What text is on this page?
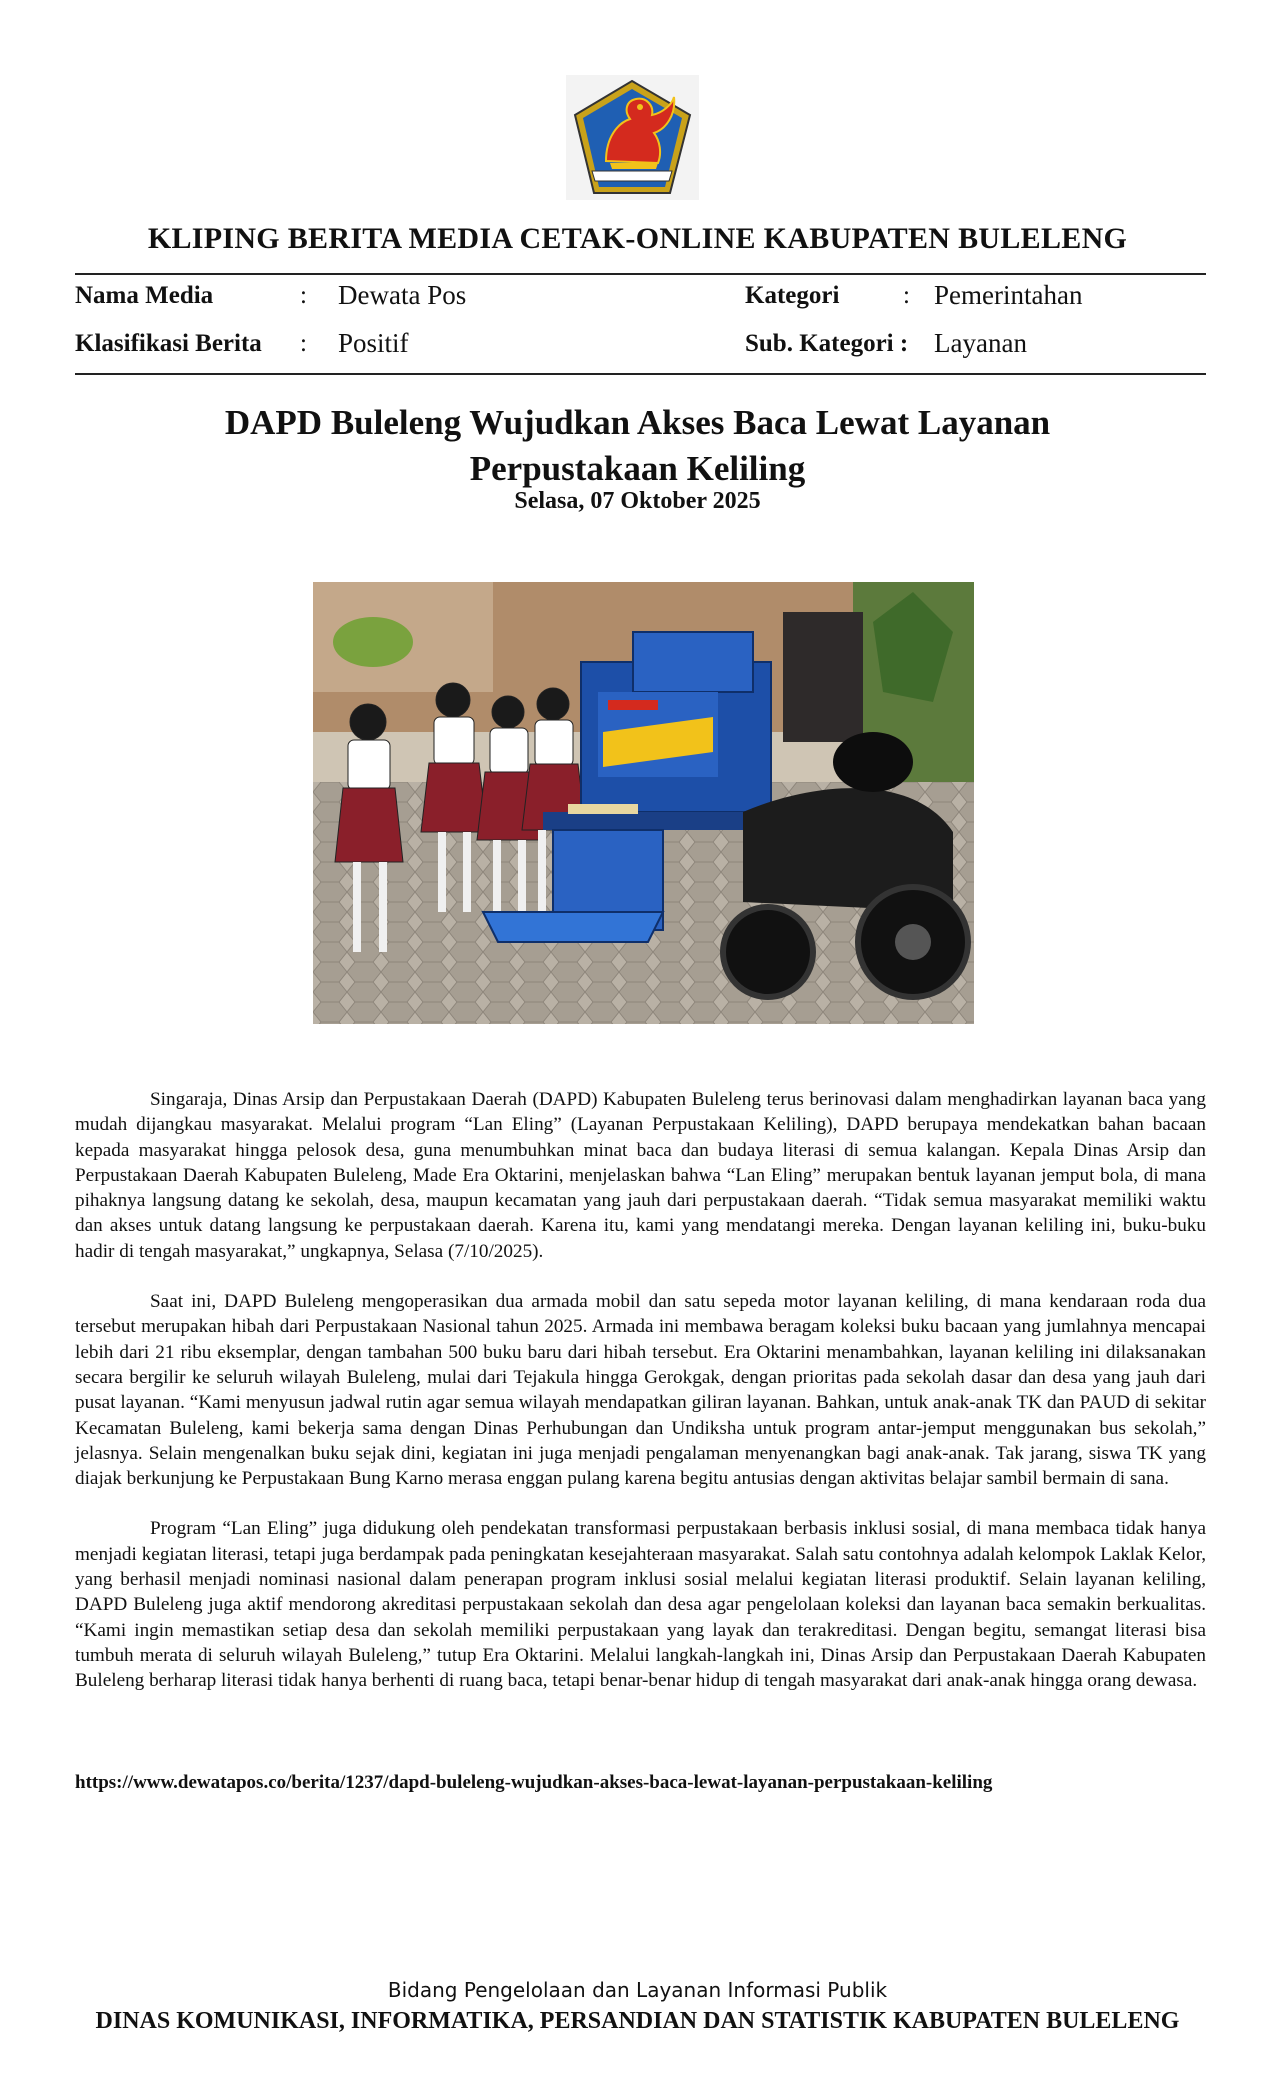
KLIPING BERITA MEDIA CETAK-ONLINE KABUPATEN BULELENG
Nama Media	: Dewata Pos	Kategori	: Pemerintahan
Klasifikasi Berita : Positif	Sub. Kategori : Layanan
DAPD Buleleng Wujudkan Akses Baca Lewat Layanan
Perpustakaan Keliling
Selasa, 07 Oktober 2025

Singaraja, Dinas Arsip dan Perpustakaan Daerah (DAPD) Kabupaten Buleleng terus berinovasi dalam menghadirkan layanan baca yang mudah dijangkau masyarakat. Melalui program “Lan Eling” (Layanan Perpustakaan Keliling), DAPD berupaya mendekatkan bahan bacaan kepada masyarakat hingga pelosok desa, guna menumbuhkan minat baca dan budaya literasi di semua kalangan. Kepala Dinas Arsip dan Perpustakaan Daerah Kabupaten Buleleng, Made Era Oktarini, menjelaskan bahwa “Lan Eling” merupakan bentuk layanan jemput bola, di mana pihaknya langsung datang ke sekolah, desa, maupun kecamatan yang jauh dari perpustakaan daerah. “Tidak semua masyarakat memiliki waktu dan akses untuk datang langsung ke perpustakaan daerah. Karena itu, kami yang mendatangi mereka. Dengan layanan keliling ini, buku-buku hadir di tengah masyarakat,” ungkapnya, Selasa (7/10/2025).

Saat ini, DAPD Buleleng mengoperasikan dua armada mobil dan satu sepeda motor layanan keliling, di mana kendaraan roda dua tersebut merupakan hibah dari Perpustakaan Nasional tahun 2025. Armada ini membawa beragam koleksi buku bacaan yang jumlahnya mencapai lebih dari 21 ribu eksemplar, dengan tambahan 500 buku baru dari hibah tersebut. Era Oktarini menambahkan, layanan keliling ini dilaksanakan secara bergilir ke seluruh wilayah Buleleng, mulai dari Tejakula hingga Gerokgak, dengan prioritas pada sekolah dasar dan desa yang jauh dari pusat layanan. “Kami menyusun jadwal rutin agar semua wilayah mendapatkan giliran layanan. Bahkan, untuk anak-anak TK dan PAUD di sekitar Kecamatan Buleleng, kami bekerja sama dengan Dinas Perhubungan dan Undiksha untuk program antar-jemput menggunakan bus sekolah,” jelasnya. Selain mengenalkan buku sejak dini, kegiatan ini juga menjadi pengalaman menyenangkan bagi anak-anak. Tak jarang, siswa TK yang diajak berkunjung ke Perpustakaan Bung Karno merasa enggan pulang karena begitu antusias dengan aktivitas belajar sambil bermain di sana.

Program “Lan Eling” juga didukung oleh pendekatan transformasi perpustakaan berbasis inklusi sosial, di mana membaca tidak hanya menjadi kegiatan literasi, tetapi juga berdampak pada peningkatan kesejahteraan masyarakat. Salah satu contohnya adalah kelompok Laklak Kelor, yang berhasil menjadi nominasi nasional dalam penerapan program inklusi sosial melalui kegiatan literasi produktif. Selain layanan keliling, DAPD Buleleng juga aktif mendorong akreditasi perpustakaan sekolah dan desa agar pengelolaan koleksi dan layanan baca semakin berkualitas. “Kami ingin memastikan setiap desa dan sekolah memiliki perpustakaan yang layak dan terakreditasi. Dengan begitu, semangat literasi bisa tumbuh merata di seluruh wilayah Buleleng,” tutup Era Oktarini. Melalui langkah-langkah ini, Dinas Arsip dan Perpustakaan Daerah Kabupaten Buleleng berharap literasi tidak hanya berhenti di ruang baca, tetapi benar-benar hidup di tengah masyarakat dari anak-anak hingga orang dewasa.

https://www.dewatapos.co/berita/1237/dapd-buleleng-wujudkan-akses-baca-lewat-layanan-perpustakaan-keliling
Bidang Pengelolaan dan Layanan Informasi Publik
DINAS KOMUNIKASI, INFORMATIKA, PERSANDIAN DAN STATISTIK KABUPATEN BULELENG
